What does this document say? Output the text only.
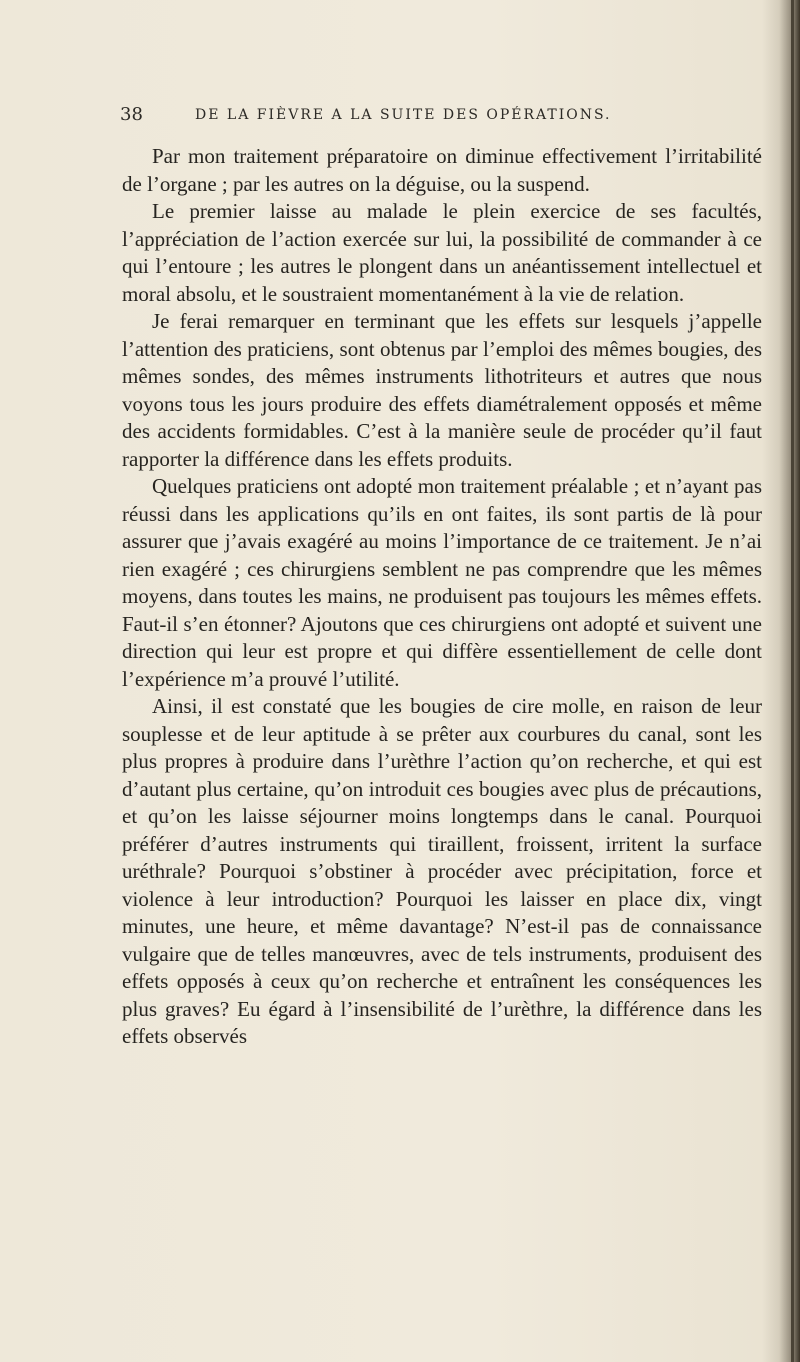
38	DE LA FIÈVRE A LA SUITE DES OPÉRATIONS.

Par mon traitement préparatoire on diminue effectivement l’irritabilité de l’organe ; par les autres on la déguise, ou la suspend.

Le premier laisse au malade le plein exercice de ses facultés, l’appréciation de l’action exercée sur lui, la possibilité de commander à ce qui l’entoure ; les autres le plongent dans un anéantissement intellectuel et moral absolu, et le soustraient momentanément à la vie de relation.

Je ferai remarquer en terminant que les effets sur lesquels j’appelle l’attention des praticiens, sont obtenus par l’emploi des mêmes bougies, des mêmes sondes, des mêmes instruments lithotriteurs et autres que nous voyons tous les jours produire des effets diamétralement opposés et même des accidents formidables. C’est à la manière seule de procéder qu’il faut rapporter la différence dans les effets produits.

Quelques praticiens ont adopté mon traitement préalable ; et n’ayant pas réussi dans les applications qu’ils en ont faites, ils sont partis de là pour assurer que j’avais exagéré au moins l’importance de ce traitement. Je n’ai rien exagéré ; ces chirurgiens semblent ne pas comprendre que les mêmes moyens, dans toutes les mains, ne produisent pas toujours les mêmes effets. Faut-il s’en étonner? Ajoutons que ces chirurgiens ont adopté et suivent une direction qui leur est propre et qui diffère essentiellement de celle dont l’expérience m’a prouvé l’utilité.

Ainsi, il est constaté que les bougies de cire molle, en raison de leur souplesse et de leur aptitude à se prêter aux courbures du canal, sont les plus propres à produire dans l’urèthre l’action qu’on recherche, et qui est d’autant plus certaine, qu’on introduit ces bougies avec plus de précautions, et qu’on les laisse séjourner moins longtemps dans le canal. Pourquoi préférer d’autres instruments qui tiraillent, froissent, irritent la surface uréthrale? Pourquoi s’obstiner à procéder avec précipitation, force et violence à leur introduction? Pourquoi les laisser en place dix, vingt minutes, une heure, et même davantage? N’est-il pas de connaissance vulgaire que de telles manœuvres, avec de tels instruments, produisent des effets opposés à ceux qu’on recherche et entraînent les conséquences les plus graves? Eu égard à l’insensibilité de l’urèthre, la différence dans les effets observés
